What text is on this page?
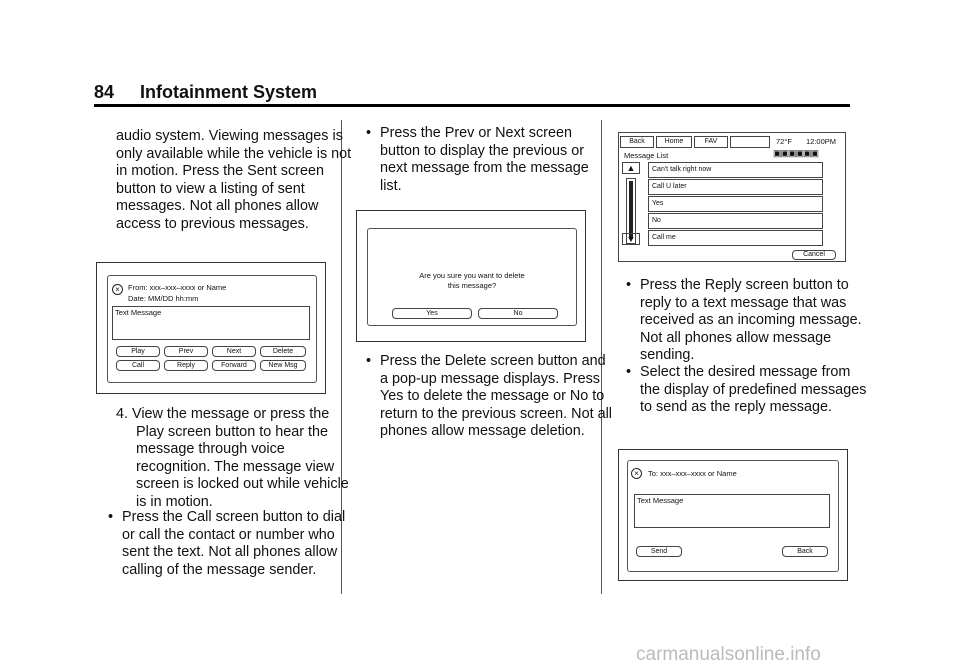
84 Infotainment System
audio system. Viewing messages is only available while the vehicle is not in motion. Press the Sent screen button to view a listing of sent messages. Not all phones allow access to previous messages.
×	From: xxx–xxx–xxxx or Name
Date: MM/DD hh:mm
Text Message
Play	Prev	Next	Delete
Call	Reply	Forward	New Msg
4. View the message or press the Play screen button to hear the message through voice recognition. The message view screen is locked out while vehicle is in motion.
• Press the Call screen button to dial or call the contact or number who sent the text. Not all phones allow calling of the message sender.
• Press the Prev or Next screen button to display the previous or next message from the message list.
Are you sure you want to delete
this message?
Yes	No
• Press the Delete screen button and a pop-up message displays. Press Yes to delete the message or No to return to the previous screen. Not all phones allow message deletion.
Back	Home	FAV	72°F 12:00PM
Message List	▣▣▣▣▣▣
▲
▼
Can't talk right now
Call U later
Yes
No
Call me
Cancel
• Press the Reply screen button to reply to a text message that was received as an incoming message. Not all phones allow message sending.
• Select the desired message from the display of predefined messages to send as the reply message.
×	To: xxx–xxx–xxxx or Name
Text Message
Send	Back
carmanualsonline.info
